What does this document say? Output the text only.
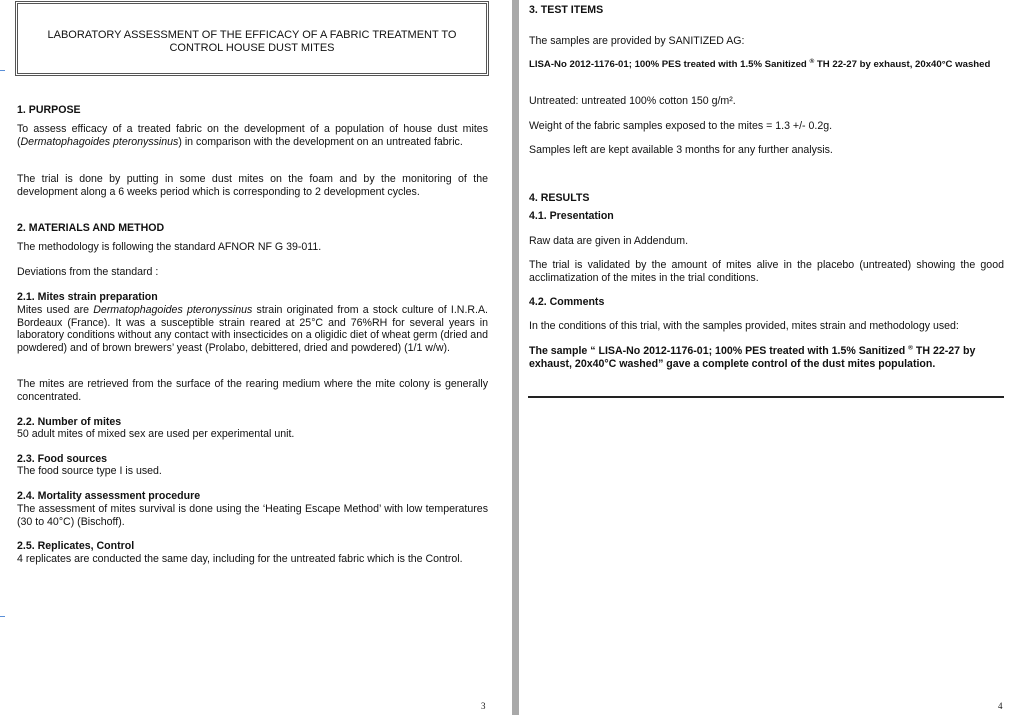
LABORATORY ASSESSMENT OF THE EFFICACY OF A FABRIC TREATMENT TO
CONTROL HOUSE DUST MITES
1. PURPOSE
To assess efficacy of a treated fabric on the development of a population of house dust mites (Dermatophagoides pteronyssinus) in comparison with the development on an untreated fabric.
The trial is done by putting in some dust mites on the foam and by the monitoring of the development along a 6 weeks period which is corresponding to 2 development cycles.
2. MATERIALS AND METHOD
The methodology is following the standard AFNOR NF G 39-011.
Deviations from the standard :
2.1. Mites strain preparation
Mites used are Dermatophagoides pteronyssinus strain originated from a stock culture of I.N.R.A. Bordeaux (France). It was a susceptible strain reared at 25°C and 76%RH for several years in laboratory conditions without any contact with insecticides on a oligidic diet of wheat germ (dried and powdered) and of brown brewers’ yeast (Prolabo, debittered, dried and powdered) (1/1 w/w).
The mites are retrieved from the surface of the rearing medium where the mite colony is generally concentrated.
2.2. Number of mites
50 adult mites of mixed sex are used per experimental unit.
2.3. Food sources
The food source type I is used.
2.4. Mortality assessment procedure
The assessment of mites survival is done using the ‘Heating Escape Method’ with low temperatures (30 to 40°C) (Bischoff).
2.5. Replicates, Control
4 replicates are conducted the same day, including for the untreated fabric which is the Control.
3
3. TEST ITEMS
The samples are provided by SANITIZED AG:
LISA-No 2012-1176-01; 100% PES treated with 1.5% Sanitized ® TH 22-27 by exhaust, 20x40°C washed
Untreated: untreated 100% cotton 150 g/m².
Weight of the fabric samples exposed to the mites = 1.3 +/- 0.2g.
Samples left are kept available 3 months for any further analysis.
4. RESULTS
4.1. Presentation
Raw data are given in Addendum.
The trial is validated by the amount of mites alive in the placebo (untreated) showing the good acclimatization of the mites in the trial conditions.
4.2. Comments
In the conditions of this trial, with the samples provided, mites strain and methodology used:
The sample “ LISA-No 2012-1176-01; 100% PES treated with 1.5% Sanitized ® TH 22-27 by exhaust, 20x40°C washed” gave a complete control of the dust mites population.
4
